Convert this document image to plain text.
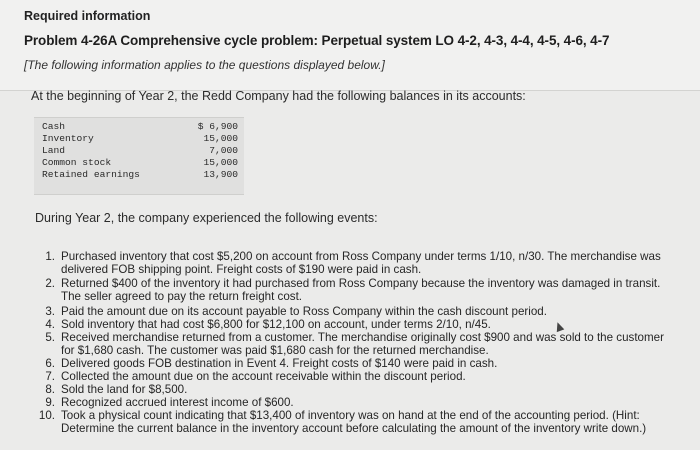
Required information
Problem 4-26A Comprehensive cycle problem: Perpetual system LO 4-2, 4-3, 4-4, 4-5, 4-6, 4-7
[The following information applies to the questions displayed below.]
At the beginning of Year 2, the Redd Company had the following balances in its accounts:
Cash	$ 6,900
Inventory	15,000
Land	7,000
Common stock	15,000
Retained earnings	13,900
During Year 2, the company experienced the following events:
1. Purchased inventory that cost $5,200 on account from Ross Company under terms 1/10, n/30. The merchandise was
delivered FOB shipping point. Freight costs of $190 were paid in cash.
2. Returned $400 of the inventory it had purchased from Ross Company because the inventory was damaged in transit.
The seller agreed to pay the return freight cost.
3. Paid the amount due on its account payable to Ross Company within the cash discount period.
4. Sold inventory that had cost $6,800 for $12,100 on account, under terms 2/10, n/45.
5. Received merchandise returned from a customer. The merchandise originally cost $900 and was sold to the customer
for $1,680 cash. The customer was paid $1,680 cash for the returned merchandise.
6. Delivered goods FOB destination in Event 4. Freight costs of $140 were paid in cash.
7. Collected the amount due on the account receivable within the discount period.
8. Sold the land for $8,500.
9. Recognized accrued interest income of $600.
10. Took a physical count indicating that $13,400 of inventory was on hand at the end of the accounting period. (Hint:
Determine the current balance in the inventory account before calculating the amount of the inventory write down.)
